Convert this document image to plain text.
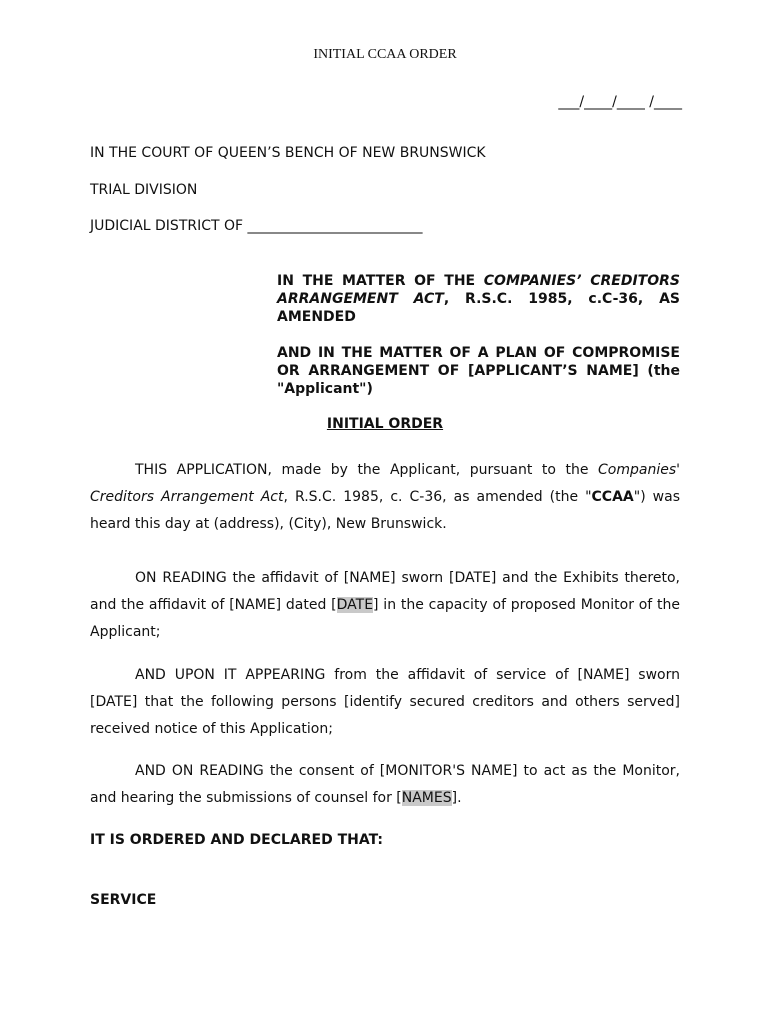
INITIAL CCAA ORDER
___/____/____ /____
IN THE COURT OF QUEEN’S BENCH OF NEW BRUNSWICK
TRIAL DIVISION
JUDICIAL DISTRICT OF _________________________
IN THE MATTER OF THE COMPANIES’ CREDITORS ARRANGEMENT ACT, R.S.C. 1985, c.C-36, AS AMENDED
AND IN THE MATTER OF A PLAN OF COMPROMISE OR ARRANGEMENT OF [APPLICANT’S NAME] (the "Applicant")
INITIAL ORDER
THIS APPLICATION, made by the Applicant, pursuant to the Companies' Creditors Arrangement Act, R.S.C. 1985, c. C-36, as amended (the "CCAA") was heard this day at (address), (City), New Brunswick.
ON READING the affidavit of [NAME] sworn [DATE] and the Exhibits thereto, and the affidavit of [NAME] dated [DATE] in the capacity of proposed Monitor of the Applicant;
AND UPON IT APPEARING from the affidavit of service of [NAME] sworn [DATE] that the following persons [identify secured creditors and others served] received notice of this Application;
AND ON READING the consent of [MONITOR'S NAME] to act as the Monitor, and hearing the submissions of counsel for [NAMES].
IT IS ORDERED AND DECLARED THAT:
SERVICE
